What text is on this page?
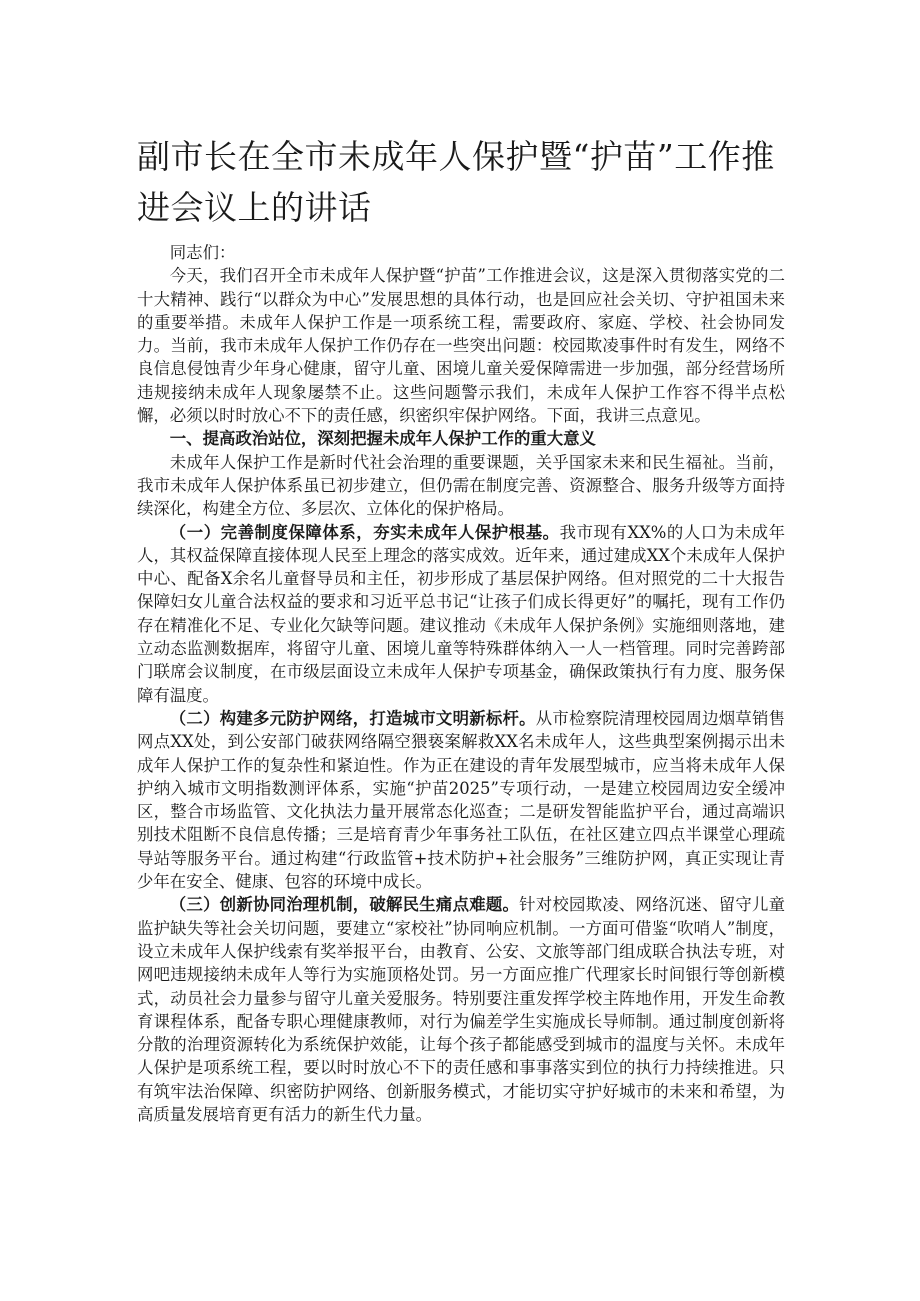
副市长在全市未成年人保护暨“护苗”工作推进会议上的讲话

同志们：

今天，我们召开全市未成年人保护暨“护苗”工作推进会议，这是深入贯彻落实党的二十大精神、践行“以群众为中心”发展思想的具体行动，也是回应社会关切、守护祖国未来的重要举措。未成年人保护工作是一项系统工程，需要政府、家庭、学校、社会协同发力。当前，我市未成年人保护工作仍存在一些突出问题：校园欺凌事件时有发生，网络不良信息侵蚀青少年身心健康，留守儿童、困境儿童关爱保障需进一步加强，部分经营场所违规接纳未成年人现象屡禁不止。这些问题警示我们，未成年人保护工作容不得半点松懈，必须以时时放心不下的责任感，织密织牢保护网络。下面，我讲三点意见。

一、提高政治站位，深刻把握未成年人保护工作的重大意义

未成年人保护工作是新时代社会治理的重要课题，关乎国家未来和民生福祉。当前，我市未成年人保护体系虽已初步建立，但仍需在制度完善、资源整合、服务升级等方面持续深化，构建全方位、多层次、立体化的保护格局。

（一）完善制度保障体系，夯实未成年人保护根基。我市现有XX%的人口为未成年人，其权益保障直接体现人民至上理念的落实成效。近年来，通过建成XX个未成年人保护中心、配备X余名儿童督导员和主任，初步形成了基层保护网络。但对照党的二十大报告保障妇女儿童合法权益的要求和习近平总书记“让孩子们成长得更好”的嘱托，现有工作仍存在精准化不足、专业化欠缺等问题。建议推动《未成年人保护条例》实施细则落地，建立动态监测数据库，将留守儿童、困境儿童等特殊群体纳入一人一档管理。同时完善跨部门联席会议制度，在市级层面设立未成年人保护专项基金，确保政策执行有力度、服务保障有温度。

（二）构建多元防护网络，打造城市文明新标杆。从市检察院清理校园周边烟草销售网点XX处，到公安部门破获网络隔空猥亵案解救XX名未成年人，这些典型案例揭示出未成年人保护工作的复杂性和紧迫性。作为正在建设的青年发展型城市，应当将未成年人保护纳入城市文明指数测评体系，实施“护苗2025”专项行动，一是建立校园周边安全缓冲区，整合市场监管、文化执法力量开展常态化巡查；二是研发智能监护平台，通过高端识别技术阻断不良信息传播；三是培育青少年事务社工队伍，在社区建立四点半课堂心理疏导站等服务平台。通过构建“行政监管+技术防护+社会服务”三维防护网，真正实现让青少年在安全、健康、包容的环境中成长。

（三）创新协同治理机制，破解民生痛点难题。针对校园欺凌、网络沉迷、留守儿童监护缺失等社会关切问题，要建立“家校社”协同响应机制。一方面可借鉴“吹哨人”制度，设立未成年人保护线索有奖举报平台，由教育、公安、文旅等部门组成联合执法专班，对网吧违规接纳未成年人等行为实施顶格处罚。另一方面应推广代理家长时间银行等创新模式，动员社会力量参与留守儿童关爱服务。特别要注重发挥学校主阵地作用，开发生命教育课程体系，配备专职心理健康教师，对行为偏差学生实施成长导师制。通过制度创新将分散的治理资源转化为系统保护效能，让每个孩子都能感受到城市的温度与关怀。未成年人保护是项系统工程，要以时时放心不下的责任感和事事落实到位的执行力持续推进。只有筑牢法治保障、织密防护网络、创新服务模式，才能切实守护好城市的未来和希望，为高质量发展培育更有活力的新生代力量。
